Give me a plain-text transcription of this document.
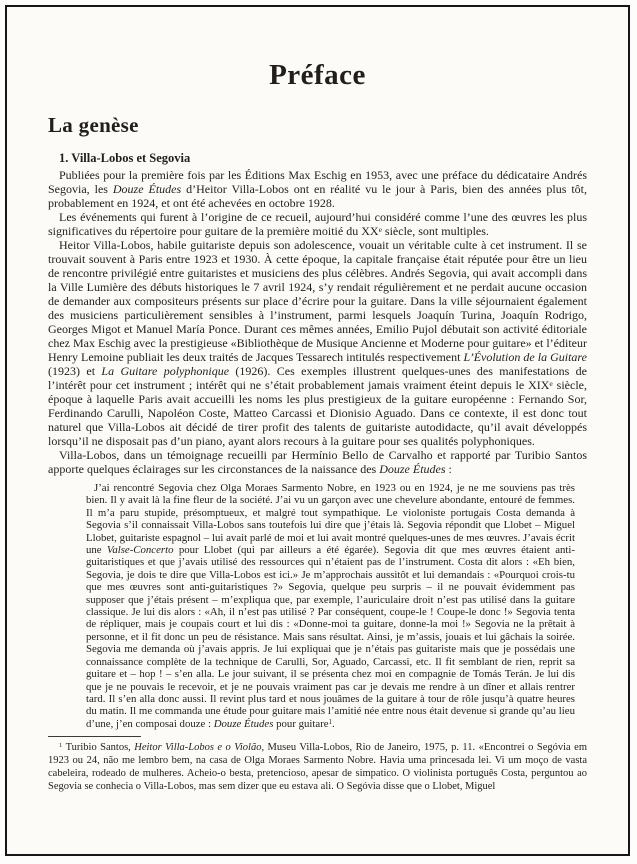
Préface
La genèse
1. Villa-Lobos et Segovia

Publiées pour la première fois par les Éditions Max Eschig en 1953, avec une préface du dédicataire Andrés Segovia, les Douze Études d’Heitor Villa-Lobos ont en réalité vu le jour à Paris, bien des années plus tôt, probablement en 1924, et ont été achevées en octobre 1928.

Les événements qui furent à l’origine de ce recueil, aujourd’hui considéré comme l’une des œuvres les plus significatives du répertoire pour guitare de la première moitié du XXe siècle, sont multiples.

Heitor Villa-Lobos, habile guitariste depuis son adolescence, vouait un véritable culte à cet instrument. Il se trouvait souvent à Paris entre 1923 et 1930. À cette époque, la capitale française était réputée pour être un lieu de rencontre privilégié entre guitaristes et musiciens des plus célèbres. Andrés Segovia, qui avait accompli dans la Ville Lumière des débuts historiques le 7 avril 1924, s’y rendait régulièrement et ne perdait aucune occasion de demander aux compositeurs présents sur place d’écrire pour la guitare. Dans la ville séjournaient également des musiciens particulièrement sensibles à l’instrument, parmi lesquels Joaquín Turina, Joaquín Rodrigo, Georges Migot et Manuel María Ponce. Durant ces mêmes années, Emilio Pujol débutait son activité éditoriale chez Max Eschig avec la prestigieuse «Bibliothèque de Musique Ancienne et Moderne pour guitare» et l’éditeur Henry Lemoine publiait les deux traités de Jacques Tessarech intitulés respectivement L’Évolution de la Guitare (1923) et La Guitare polyphonique (1926). Ces exemples illustrent quelques-unes des manifestations de l’intérêt pour cet instrument ; intérêt qui ne s’était probablement jamais vraiment éteint depuis le XIXe siècle, époque à laquelle Paris avait accueilli les noms les plus prestigieux de la guitare européenne : Fernando Sor, Ferdinando Carulli, Napoléon Coste, Matteo Carcassi et Dionisio Aguado. Dans ce contexte, il est donc tout naturel que Villa-Lobos ait décidé de tirer profit des talents de guitariste autodidacte, qu’il avait développés lorsqu’il ne disposait pas d’un piano, ayant alors recours à la guitare pour ses qualités polyphoniques.

Villa-Lobos, dans un témoignage recueilli par Hermínio Bello de Carvalho et rapporté par Turibio Santos apporte quelques éclairages sur les circonstances de la naissance des Douze Études :

J’ai rencontré Segovia chez Olga Moraes Sarmento Nobre, en 1923 ou en 1924, je ne me souviens pas très bien. Il y avait là la fine fleur de la société. J’ai vu un garçon avec une chevelure abondante, entouré de femmes. Il m’a paru stupide, présomptueux, et malgré tout sympathique. Le violoniste portugais Costa demanda à Segovia s’il connaissait Villa-Lobos sans toutefois lui dire que j’étais là. Segovia répondit que Llobet – Miguel Llobet, guitariste espagnol – lui avait parlé de moi et lui avait montré quelques-unes de mes œuvres. J’avais écrit une Valse-Concerto pour Llobet (qui par ailleurs a été égarée). Segovia dit que mes œuvres étaient anti-guitaristiques et que j’avais utilisé des ressources qui n’étaient pas de l’instrument. Costa dit alors : «Eh bien, Segovia, je dois te dire que Villa-Lobos est ici.» Je m’approchais aussitôt et lui demandais : «Pourquoi crois-tu que mes œuvres sont anti-guitaristiques ?» Segovia, quelque peu surpris – il ne pouvait évidemment pas supposer que j’étais présent – m’expliqua que, par exemple, l’auriculaire droit n’est pas utilisé dans la guitare classique. Je lui dis alors : «Ah, il n’est pas utilisé ? Par conséquent, coupe-le ! Coupe-le donc !» Segovia tenta de répliquer, mais je coupais court et lui dis : «Donne-moi ta guitare, donne-la moi !» Segovia ne la prêtait à personne, et il fit donc un peu de résistance. Mais sans résultat. Ainsi, je m’assis, jouais et lui gâchais la soirée. Segovia me demanda où j’avais appris. Je lui expliquai que je n’étais pas guitariste mais que je possédais une connaissance complète de la technique de Carulli, Sor, Aguado, Carcassi, etc. Il fit semblant de rien, reprit sa guitare et – hop ! – s’en alla. Le jour suivant, il se présenta chez moi en compagnie de Tomás Terán. Je lui dis que je ne pouvais le recevoir, et je ne pouvais vraiment pas car je devais me rendre à un dîner et allais rentrer tard. Il s’en alla donc aussi. Il revint plus tard et nous jouâmes de la guitare à tour de rôle jusqu’à quatre heures du matin. Il me commanda une étude pour guitare mais l’amitié née entre nous était devenue si grande qu’au lieu d’une, j’en composai douze : Douze Études pour guitare$^1$.

$^1$ Turibio Santos, Heitor Villa-Lobos e o Violão, Museu Villa-Lobos, Rio de Janeiro, 1975, p. 11. «Encontrei o Segóvia em 1923 ou 24, não me lembro bem, na casa de Olga Moraes Sarmento Nobre. Havia uma princesada lei. Vi um moço de vasta cabeleira, rodeado de mulheres. Acheio-o besta, pretencioso, apesar de simpatico. O violinista português Costa, perguntou ao Segovia se conhecia o Villa-Lobos, mas sem dizer que eu estava ali. O Segóvia disse que o Llobet, Miguel
